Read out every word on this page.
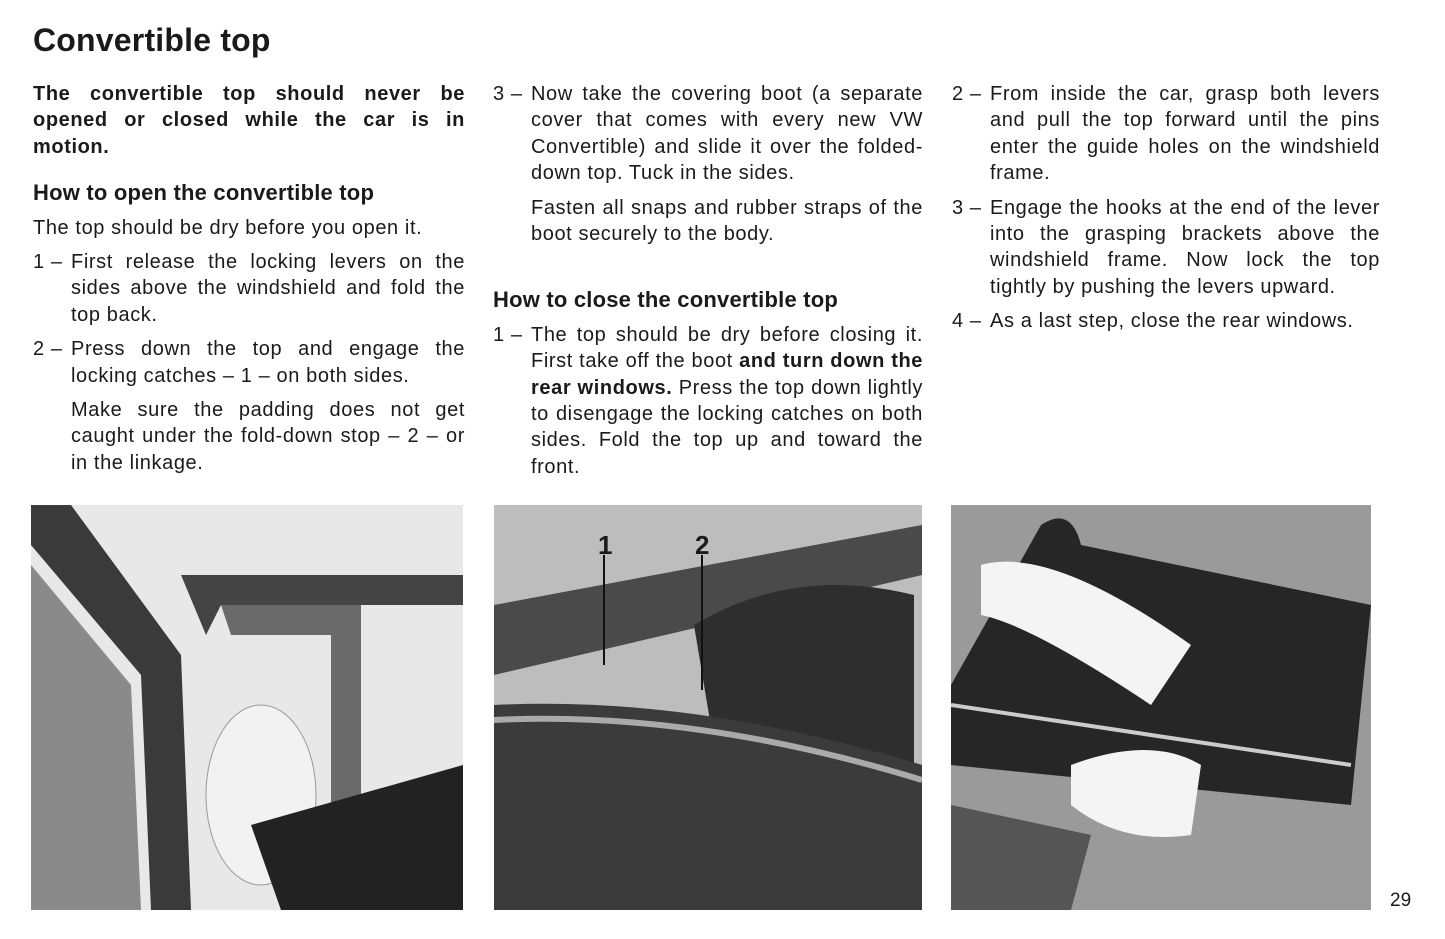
Convertible top

The convertible top should never be opened or closed while the car is in motion.

How to open the convertible top

The top should be dry before you open it.

1 – First release the locking levers on the sides above the windshield and fold the top back.

2 – Press down the top and engage the locking catches – 1 – on both sides.

Make sure the padding does not get caught under the fold-down stop – 2 – or in the linkage.

3 – Now take the covering boot (a separate cover that comes with every new VW Convertible) and slide it over the folded-down top. Tuck in the sides.

Fasten all snaps and rubber straps of the boot securely to the body.

How to close the convertible top
1 – The top should be dry before closing it. First take off the boot and turn down the rear windows. Press the top down lightly to disengage the locking catches on both sides. Fold the top up and toward the front.

2 – From inside the car, grasp both levers and pull the top forward until the pins enter the guide holes on the windshield frame.

3 – Engage the hooks at the end of the lever into the grasping brackets above the windshield frame. Now lock the top tightly by pushing the levers upward.

4 – As a last step, close the rear windows.

1	2
29
